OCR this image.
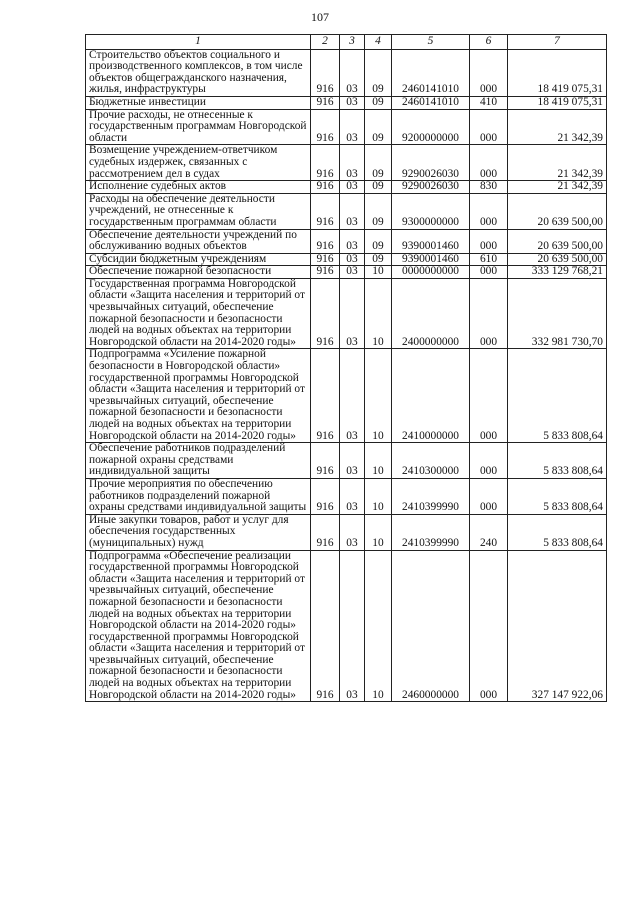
107
1	2	3	4	5	6	7
Строительство объектов социального и производственного комплексов, в том числе объектов общегражданского назначения, жилья, инфраструктуры	916	03	09	2460141010	000	18 419 075,31
Бюджетные инвестиции	916	03	09	2460141010	410	18 419 075,31
Прочие расходы, не отнесенные к государственным программам Новгородской области	916	03	09	9200000000	000	21 342,39
Возмещение учреждением-ответчиком судебных издержек, связанных с рассмотрением дел в судах	916	03	09	9290026030	000	21 342,39
Исполнение судебных актов	916	03	09	9290026030	830	21 342,39
Расходы на обеспечение деятельности учреждений, не отнесенные к государственным программам области	916	03	09	9300000000	000	20 639 500,00
Обеспечение деятельности учреждений по обслуживанию водных объектов	916	03	09	9390001460	000	20 639 500,00
Субсидии бюджетным учреждениям	916	03	09	9390001460	610	20 639 500,00
Обеспечение пожарной безопасности	916	03	10	0000000000	000	333 129 768,21
Государственная программа Новгородской области «Защита населения и территорий от чрезвычайных ситуаций, обеспечение пожарной безопасности и безопасности людей на водных объектах на территории Новгородской области на 2014-2020 годы»	916	03	10	2400000000	000	332 981 730,70
Подпрограмма «Усиление пожарной безопасности в Новгородской области» государственной программы Новгородской области «Защита населения и территорий от чрезвычайных ситуаций, обеспечение пожарной безопасности и безопасности людей на водных объектах на территории Новгородской области на 2014-2020 годы»	916	03	10	2410000000	000	5 833 808,64
Обеспечение работников подразделений пожарной охраны средствами индивидуальной защиты	916	03	10	2410300000	000	5 833 808,64
Прочие мероприятия по обеспечению работников подразделений пожарной охраны средствами индивидуальной защиты	916	03	10	2410399990	000	5 833 808,64
Иные закупки товаров, работ и услуг для обеспечения государственных (муниципальных) нужд	916	03	10	2410399990	240	5 833 808,64
Подпрограмма «Обеспечение реализации государственной программы Новгородской области «Защита населения и территорий от чрезвычайных ситуаций, обеспечение пожарной безопасности и безопасности людей на водных объектах на территории Новгородской области на 2014-2020 годы» государственной программы Новгородской области «Защита населения и территорий от чрезвычайных ситуаций, обеспечение пожарной безопасности и безопасности людей на водных объектах на территории Новгородской области на 2014-2020 годы»	916	03	10	2460000000	000	327 147 922,06
